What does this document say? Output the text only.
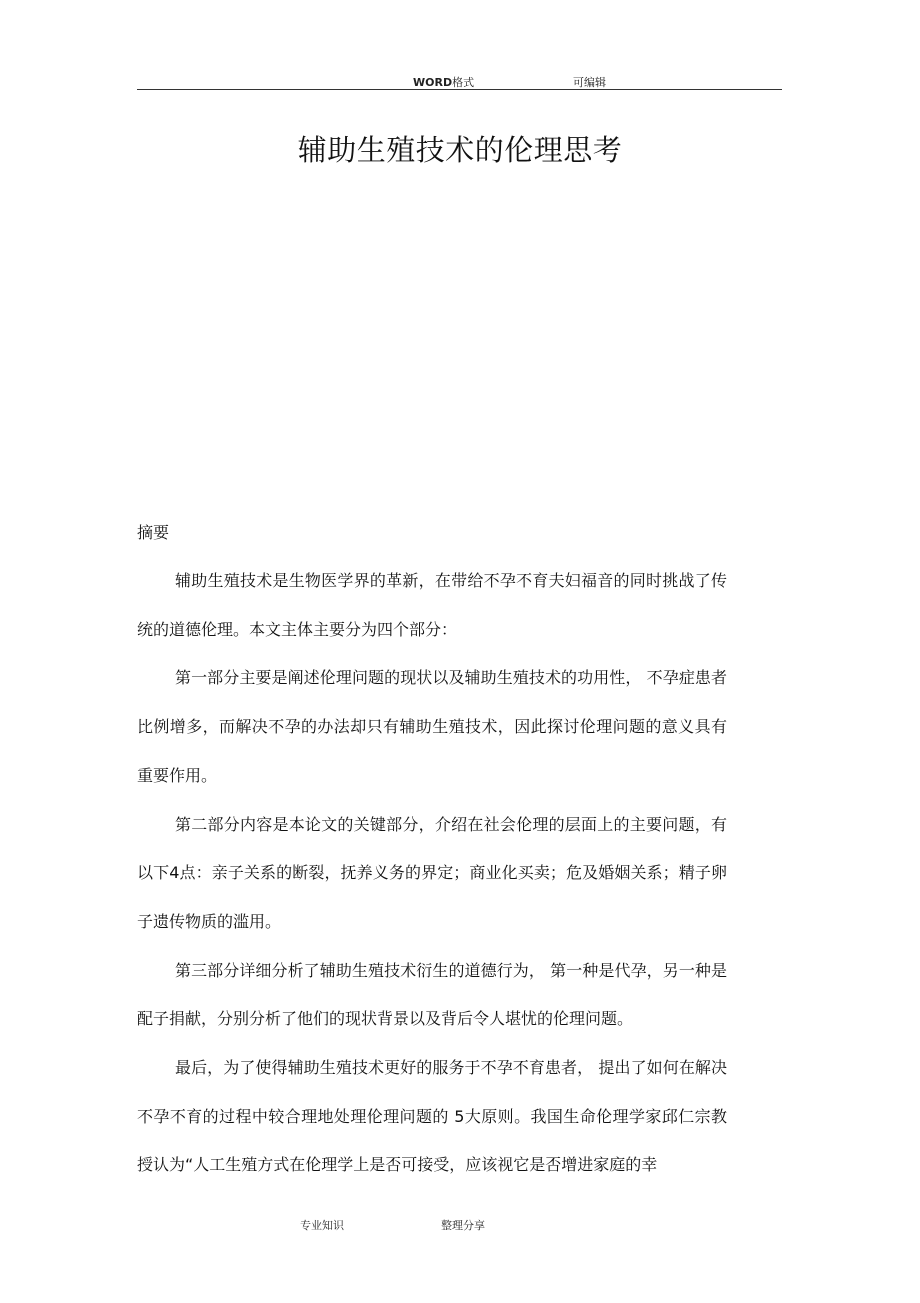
WORD格式	可编辑
辅助生殖技术的伦理思考
摘要

辅助生殖技术是生物医学界的革新，在带给不孕不育夫妇福音的同时挑战了传统的道德伦理。本文主体主要分为四个部分：

第一部分主要是阐述伦理问题的现状以及辅助生殖技术的功用性， 不孕症患者比例增多，而解决不孕的办法却只有辅助生殖技术，因此探讨伦理问题的意义具有重要作用。

第二部分内容是本论文的关键部分，介绍在社会伦理的层面上的主要问题，有以下4点：亲子关系的断裂，抚养义务的界定；商业化买卖；危及婚姻关系；精子卵子遗传物质的滥用。

第三部分详细分析了辅助生殖技术衍生的道德行为， 第一种是代孕，另一种是配子捐献，分别分析了他们的现状背景以及背后令人堪忧的伦理问题。

最后，为了使得辅助生殖技术更好的服务于不孕不育患者， 提出了如何在解决不孕不育的过程中较合理地处理伦理问题的 5大原则。我国生命伦理学家邱仁宗教授认为“人工生殖方式在伦理学上是否可接受，应该视它是否增进家庭的幸

专业知识	整理分享
